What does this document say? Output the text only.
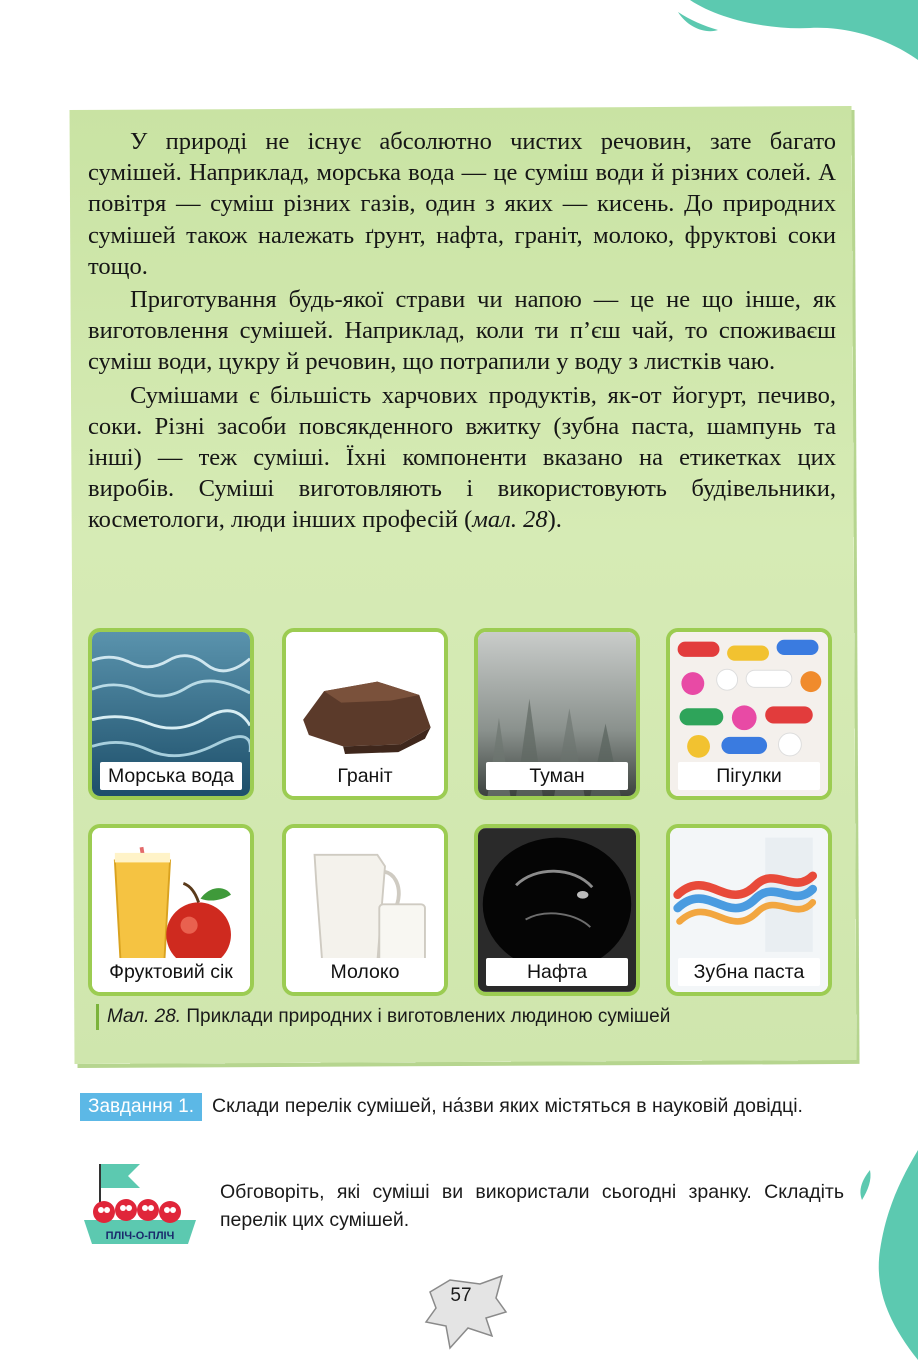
У природі не існує абсолютно чистих речовин, зате багато сумішей. Наприклад, морська вода — це суміш води й різних солей. А повітря — суміш різних газів, один з яких — кисень. До природних сумішей також належать ґрунт, нафта, граніт, молоко, фруктові соки тощо.

Приготування будь-якої страви чи напою — це не що інше, як виготовлення сумішей. Наприклад, коли ти п’єш чай, то споживаєш суміш води, цукру й речовин, що потрапили у воду з листків чаю.

Сумішами є більшість харчових продуктів, як-от йогурт, печиво, соки. Різні засоби повсякденного вжитку (зубна паста, шампунь та інші) — теж суміші. Їхні компоненти вказано на етикетках цих виробів. Суміші виготовляють і використовують будівельники, косметологи, люди інших професій (мал. 28).

Морська вода	Граніт	Туман	Пігулки
Фруктовий сік	Молоко	Нафта	Зубна паста
Мал. 28. Приклади природних і виготовлених людиною сумішей
Завдання 1. Склади перелік сумішей, на́зви яких містяться в науковій довідці.
ПЛІЧ-О-ПЛІЧ
Обговоріть, які суміші ви використали сьогодні зранку. Складіть перелік цих сумішей.
57
